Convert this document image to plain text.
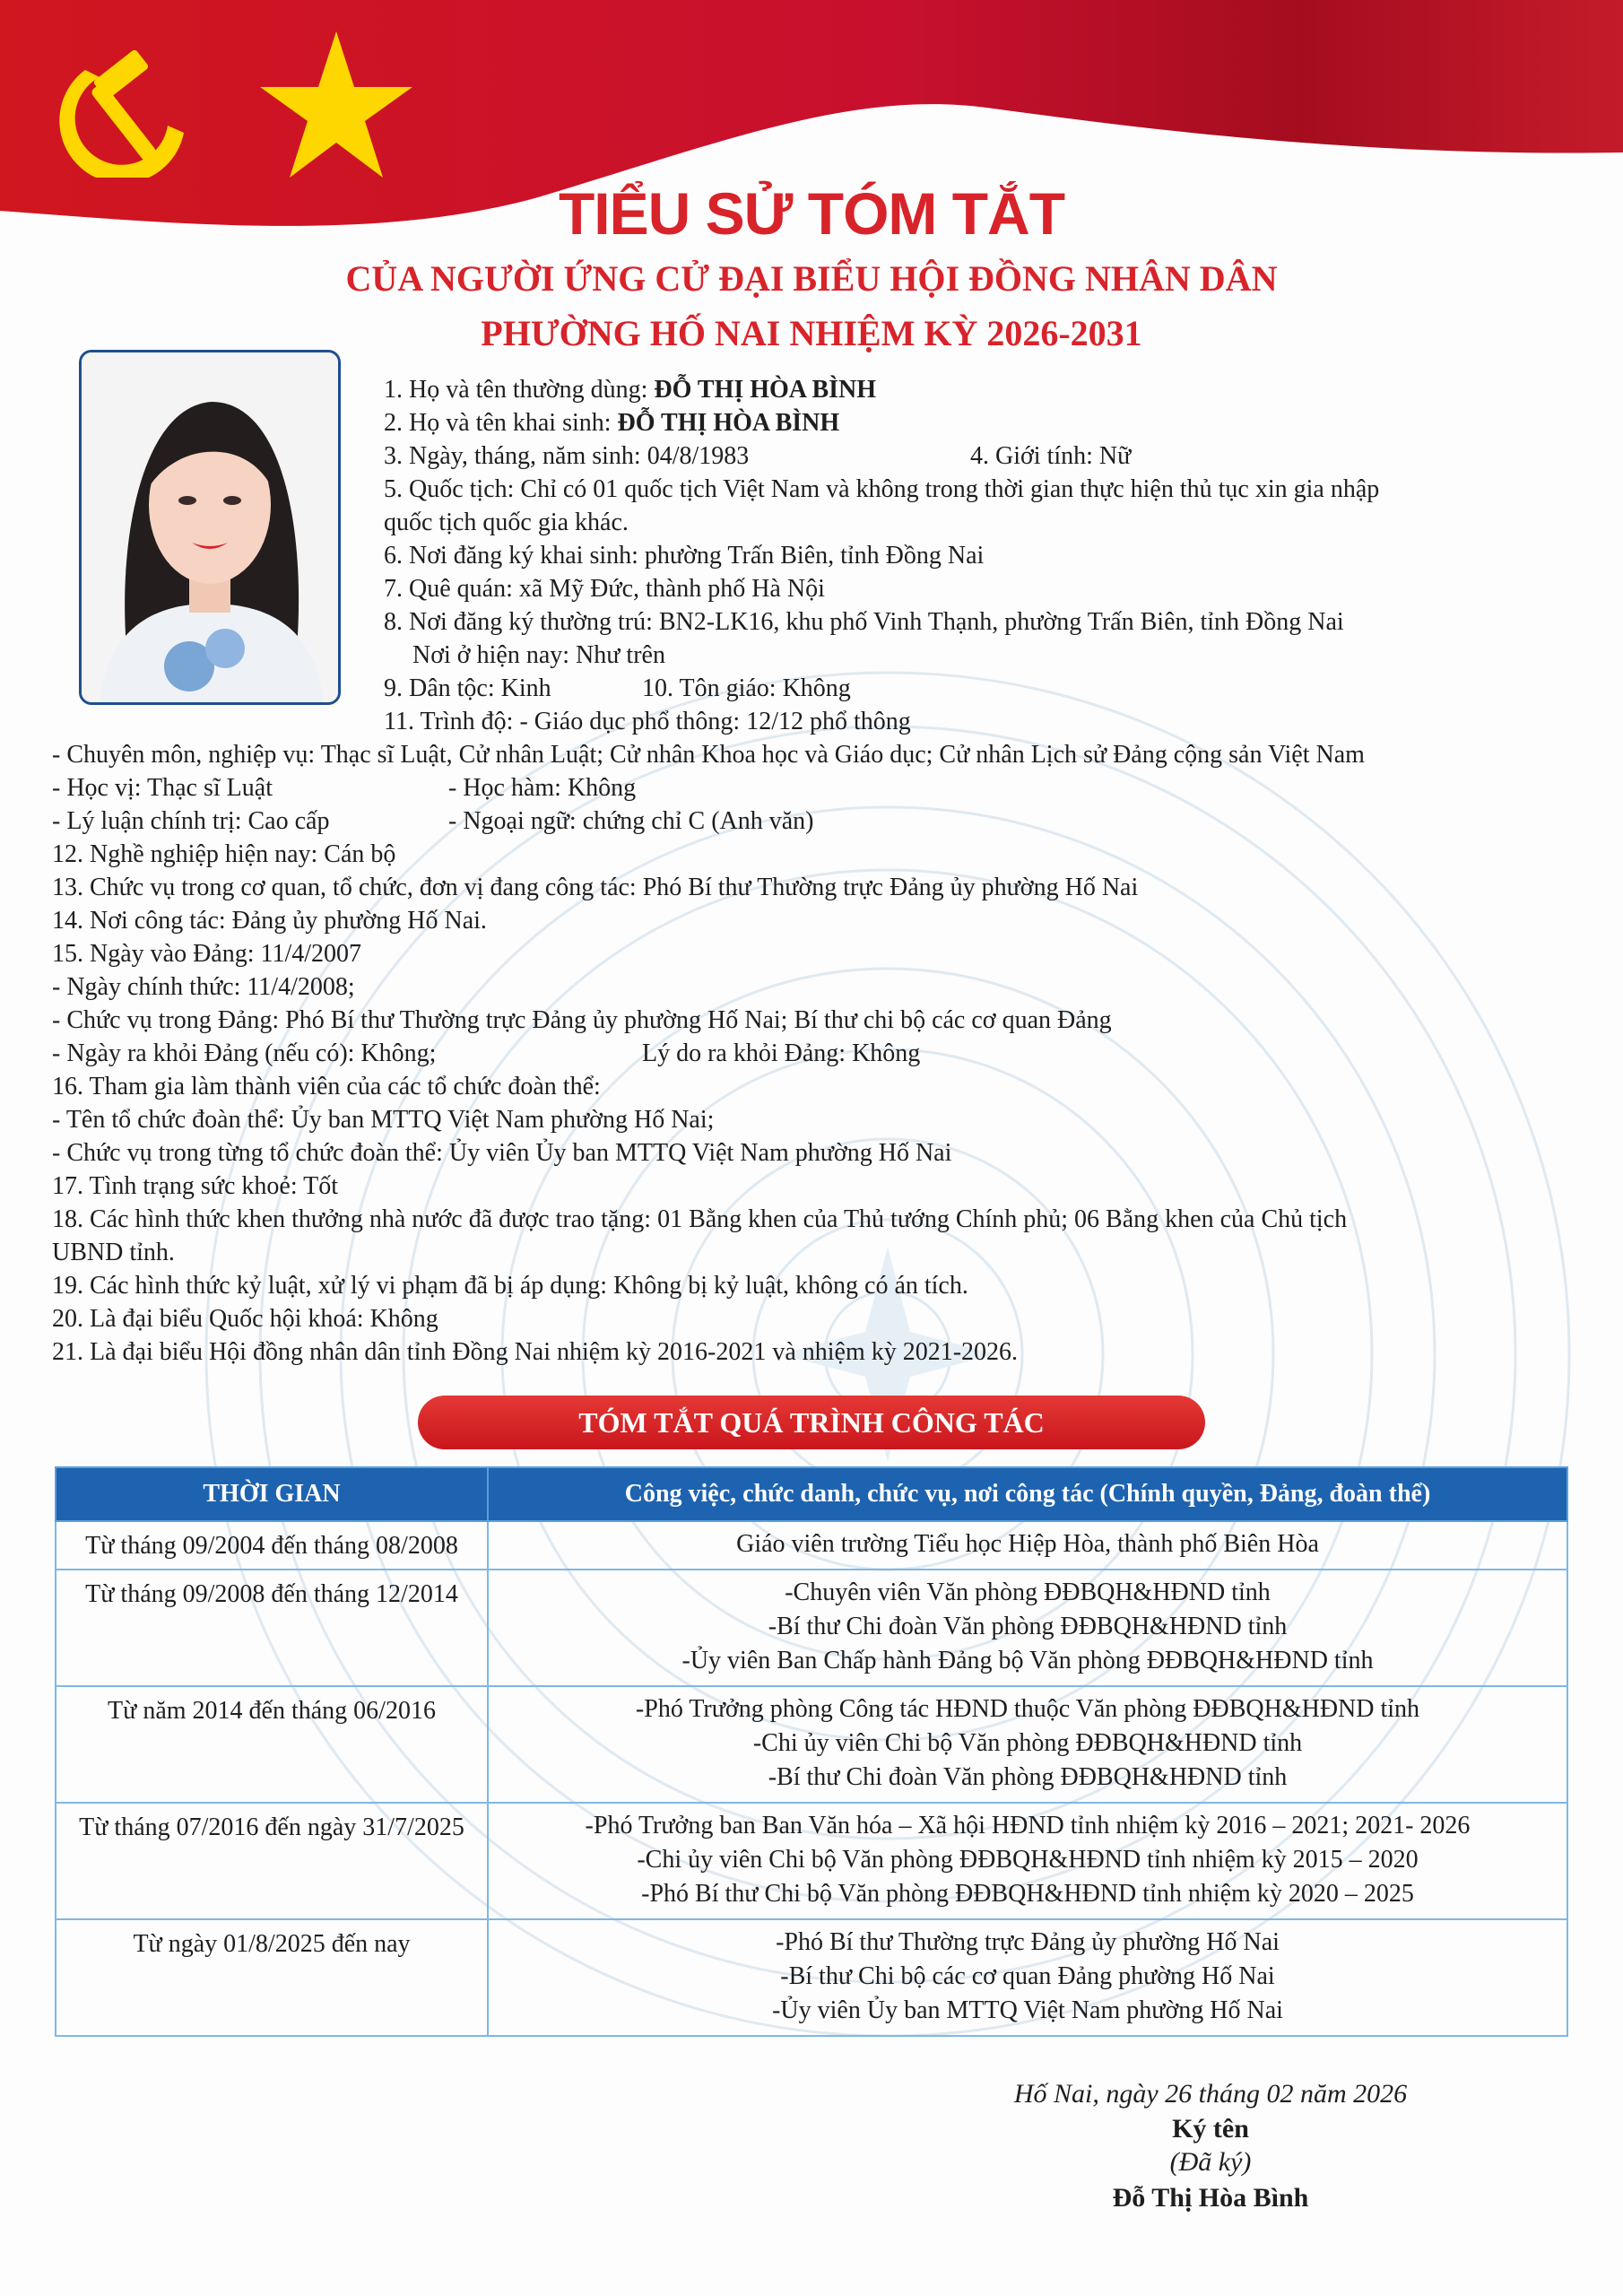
TIỂU SỬ TÓM TẮT
CỦA NGƯỜI ỨNG CỬ ĐẠI BIỂU HỘI ĐỒNG NHÂN DÂN
PHƯỜNG HỐ NAI NHIỆM KỲ 2026-2031
1. Họ và tên thường dùng: ĐỖ THỊ HÒA BÌNH
2. Họ và tên khai sinh: ĐỖ THỊ HÒA BÌNH
3. Ngày, tháng, năm sinh: 04/8/1983	4. Giới tính: Nữ
5. Quốc tịch: Chỉ có 01 quốc tịch Việt Nam và không trong thời gian thực hiện thủ tục xin gia nhập
quốc tịch quốc gia khác.
6. Nơi đăng ký khai sinh: phường Trấn Biên, tỉnh Đồng Nai
7. Quê quán: xã Mỹ Đức, thành phố Hà Nội
8. Nơi đăng ký thường trú: BN2-LK16, khu phố Vinh Thạnh, phường Trấn Biên, tỉnh Đồng Nai
Nơi ở hiện nay: Như trên
9. Dân tộc: Kinh	10. Tôn giáo: Không
11. Trình độ: - Giáo dục phổ thông: 12/12 phổ thông
- Chuyên môn, nghiệp vụ: Thạc sĩ Luật, Cử nhân Luật; Cử nhân Khoa học và Giáo dục; Cử nhân Lịch sử Đảng cộng sản Việt Nam
- Học vị: Thạc sĩ Luật	- Học hàm: Không
- Lý luận chính trị: Cao cấp	- Ngoại ngữ: chứng chỉ C (Anh văn)
12. Nghề nghiệp hiện nay: Cán bộ
13. Chức vụ trong cơ quan, tổ chức, đơn vị đang công tác: Phó Bí thư Thường trực Đảng ủy phường Hố Nai
14. Nơi công tác: Đảng ủy phường Hố Nai.
15. Ngày vào Đảng: 11/4/2007
- Ngày chính thức: 11/4/2008;
- Chức vụ trong Đảng: Phó Bí thư Thường trực Đảng ủy phường Hố Nai; Bí thư chi bộ các cơ quan Đảng
- Ngày ra khỏi Đảng (nếu có): Không;	Lý do ra khỏi Đảng: Không
16. Tham gia làm thành viên của các tổ chức đoàn thể:
- Tên tổ chức đoàn thể: Ủy ban MTTQ Việt Nam phường Hố Nai;
- Chức vụ trong từng tổ chức đoàn thể: Ủy viên Ủy ban MTTQ Việt Nam phường Hố Nai
17. Tình trạng sức khoẻ: Tốt
18. Các hình thức khen thưởng nhà nước đã được trao tặng: 01 Bằng khen của Thủ tướng Chính phủ; 06 Bằng khen của Chủ tịch
UBND tỉnh.
19. Các hình thức kỷ luật, xử lý vi phạm đã bị áp dụng: Không bị kỷ luật, không có án tích.
20. Là đại biểu Quốc hội khoá: Không
21. Là đại biểu Hội đồng nhân dân tỉnh Đồng Nai nhiệm kỳ 2016-2021 và nhiệm kỳ 2021-2026.
TÓM TẮT QUÁ TRÌNH CÔNG TÁC
THỜI GIAN	Công việc, chức danh, chức vụ, nơi công tác (Chính quyền, Đảng, đoàn thể)
Từ tháng 09/2004 đến tháng 08/2008	Giáo viên trường Tiểu học Hiệp Hòa, thành phố Biên Hòa

Từ tháng 09/2008 đến tháng 12/2014	-Chuyên viên Văn phòng ĐĐBQH&HĐND tỉnh
-Bí thư Chi đoàn Văn phòng ĐĐBQH&HĐND tỉnh
-Ủy viên Ban Chấp hành Đảng bộ Văn phòng ĐĐBQH&HĐND tỉnh

Từ năm 2014 đến tháng 06/2016	-Phó Trưởng phòng Công tác HĐND thuộc Văn phòng ĐĐBQH&HĐND tỉnh
-Chi ủy viên Chi bộ Văn phòng ĐĐBQH&HĐND tỉnh
-Bí thư Chi đoàn Văn phòng ĐĐBQH&HĐND tỉnh

Từ tháng 07/2016 đến ngày 31/7/2025	-Phó Trưởng ban Ban Văn hóa – Xã hội HĐND tỉnh nhiệm kỳ 2016 – 2021; 2021- 2026
-Chi ủy viên Chi bộ Văn phòng ĐĐBQH&HĐND tỉnh nhiệm kỳ 2015 – 2020
-Phó Bí thư Chi bộ Văn phòng ĐĐBQH&HĐND tỉnh nhiệm kỳ 2020 – 2025

Từ ngày 01/8/2025 đến nay	-Phó Bí thư Thường trực Đảng ủy phường Hố Nai
-Bí thư Chi bộ các cơ quan Đảng phường Hố Nai
-Ủy viên Ủy ban MTTQ Việt Nam phường Hố Nai
Hố Nai, ngày 26 tháng 02 năm 2026
Ký tên
(Đã ký)
Đỗ Thị Hòa Bình
